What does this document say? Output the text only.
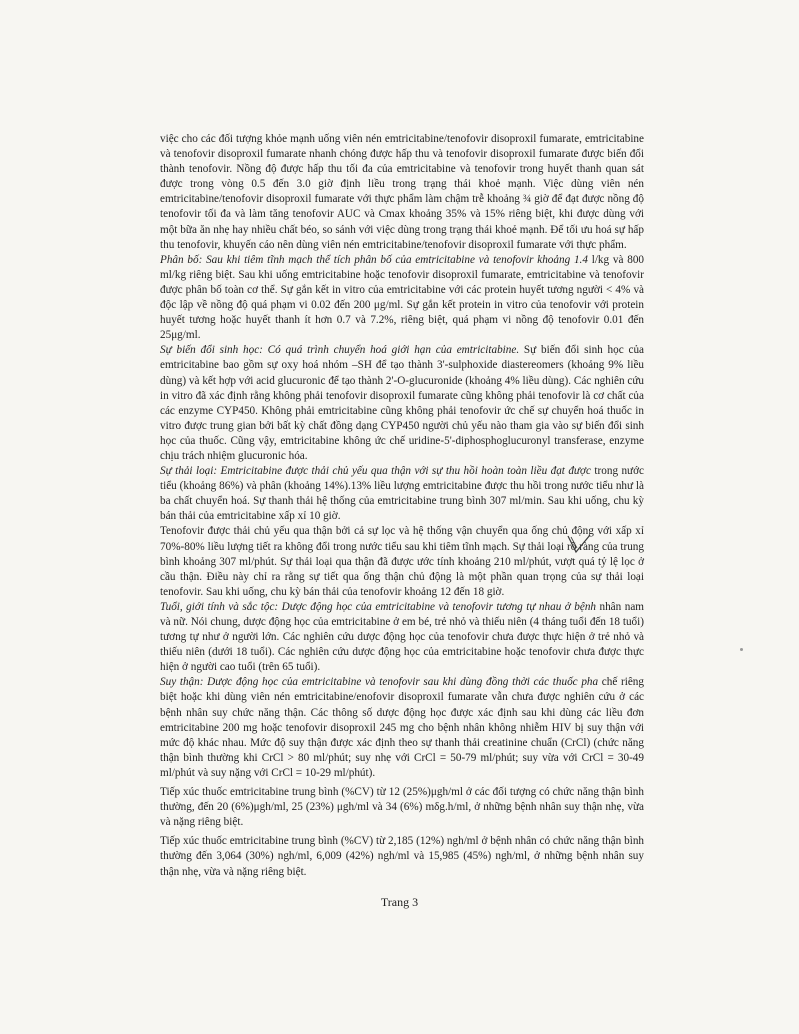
việc cho các đối tượng khỏe mạnh uống viên nén emtricitabine/tenofovir disoproxil fumarate, emtricitabine và tenofovir disoproxil fumarate nhanh chóng được hấp thu và tenofovir disoproxil fumarate được biến đổi thành tenofovir. Nồng độ được hấp thu tối đa của emtricitabine và tenofovir trong huyết thanh quan sát được trong vòng 0.5 đến 3.0 giờ định liều trong trạng thái khoẻ mạnh. Việc dùng viên nén emtricitabine/tenofovir disoproxil fumarate với thực phẩm làm chậm trễ khoảng ¾ giờ để đạt được nồng độ tenofovir tối đa và làm tăng tenofovir AUC và Cmax khoảng 35% và 15% riêng biệt, khi được dùng với một bữa ăn nhẹ hay nhiều chất béo, so sánh với việc dùng trong trạng thái khoẻ mạnh. Để tối ưu hoá sự hấp thu tenofovir, khuyến cáo nên dùng viên nén emtricitabine/tenofovir disoproxil fumarate với thực phẩm.

Phân bố: Sau khi tiêm tĩnh mạch thể tích phân bố của emtricitabine và tenofovir khoảng 1.4 l/kg và 800 ml/kg riêng biệt. Sau khi uống emtricitabine hoặc tenofovir disoproxil fumarate, emtricitabine và tenofovir được phân bố toàn cơ thể. Sự gắn kết in vitro của emtricitabine với các protein huyết tương người < 4% và độc lập về nồng độ quá phạm vi 0.02 đến 200 μg/ml. Sự gắn kết protein in vitro của tenofovir với protein huyết tương hoặc huyết thanh ít hơn 0.7 và 7.2%, riêng biệt, quá phạm vi nồng độ tenofovir 0.01 đến 25μg/ml.

Sự biến đổi sinh học: Có quá trình chuyển hoá giới hạn của emtricitabine. Sự biến đổi sinh học của emtricitabine bao gồm sự oxy hoá nhóm –SH để tạo thành 3'-sulphoxide diastereomers (khoảng 9% liều dùng) và kết hợp với acid glucuronic để tạo thành 2'-O-glucuronide (khoảng 4% liều dùng). Các nghiên cứu in vitro đã xác định rằng không phải tenofovir disoproxil fumarate cũng không phải tenofovir là cơ chất của các enzyme CYP450. Không phải emtricitabine cũng không phải tenofovir ức chế sự chuyển hoá thuốc in vitro được trung gian bởi bất kỳ chất đồng dạng CYP450 người chủ yếu nào tham gia vào sự biến đổi sinh học của thuốc. Cũng vậy, emtricitabine không ức chế uridine-5'-diphosphoglucuronyl transferase, enzyme chịu trách nhiệm glucuronic hóa.

Sự thải loại: Emtricitabine được thải chủ yếu qua thận với sự thu hồi hoàn toàn liều đạt được trong nước tiểu (khoảng 86%) và phân (khoảng 14%).13% liều lượng emtricitabine được thu hồi trong nước tiểu như là ba chất chuyển hoá. Sự thanh thải hệ thống của emtricitabine trung bình 307 ml/min. Sau khi uống, chu kỳ bán thải của emtricitabine xấp xỉ 10 giờ.

Tenofovir được thải chủ yếu qua thận bởi cả sự lọc và hệ thống vận chuyển qua ống chủ động với xấp xỉ 70%-80% liều lượng tiết ra không đổi trong nước tiểu sau khi tiêm tĩnh mạch. Sự thải loại rõ ràng của trung bình khoảng 307 ml/phút. Sự thải loại qua thận đã được ước tính khoảng 210 ml/phút, vượt quá tỷ lệ lọc ở cầu thận. Điều này chỉ ra rằng sự tiết qua ống thận chủ động là một phần quan trọng của sự thải loại tenofovir. Sau khi uống, chu kỳ bán thải của tenofovir khoảng 12 đến 18 giờ.

Tuổi, giới tính và sắc tộc: Dược động học của emtricitabine và tenofovir tương tự nhau ở bệnh nhân nam và nữ. Nói chung, dược động học của emtricitabine ở em bé, trẻ nhỏ và thiếu niên (4 tháng tuổi đến 18 tuổi) tương tự như ở người lớn. Các nghiên cứu dược động học của tenofovir chưa được thực hiện ở trẻ nhỏ và thiếu niên (dưới 18 tuổi). Các nghiên cứu dược động học của emtricitabine hoặc tenofovir chưa được thực hiện ở người cao tuổi (trên 65 tuổi).

Suy thận: Dược động học của emtricitabine và tenofovir sau khi dùng đồng thời các thuốc pha chế riêng biệt hoặc khi dùng viên nén emtricitabine/enofovir disoproxil fumarate vẫn chưa được nghiên cứu ở các bệnh nhân suy chức năng thận. Các thông số dược động học được xác định sau khi dùng các liều đơn emtricitabine 200 mg hoặc tenofovir disoproxil 245 mg cho bệnh nhân không nhiễm HIV bị suy thận với mức độ khác nhau. Mức độ suy thận được xác định theo sự thanh thải creatinine chuẩn (CrCl) (chức năng thận bình thường khi CrCl > 80 ml/phút; suy nhẹ với CrCl = 50-79 ml/phút; suy vừa với CrCl = 30-49 ml/phút và suy nặng với CrCl = 10-29 ml/phút).

Tiếp xúc thuốc emtricitabine trung bình (%CV) từ 12 (25%)μgh/ml ở các đối tượng có chức năng thận bình thường, đến 20 (6%)μgh/ml, 25 (23%) μgh/ml và 34 (6%) mδg.h/ml, ở những bệnh nhân suy thận nhẹ, vừa và nặng riêng biệt.

Tiếp xúc thuốc emtricitabine trung bình (%CV) từ 2,185 (12%) ngh/ml ở bệnh nhân có chức năng thận bình thường đến 3,064 (30%) ngh/ml, 6,009 (42%) ngh/ml và 15,985 (45%) ngh/ml, ở những bệnh nhân suy thận nhẹ, vừa và nặng riêng biệt.

Trang 3
